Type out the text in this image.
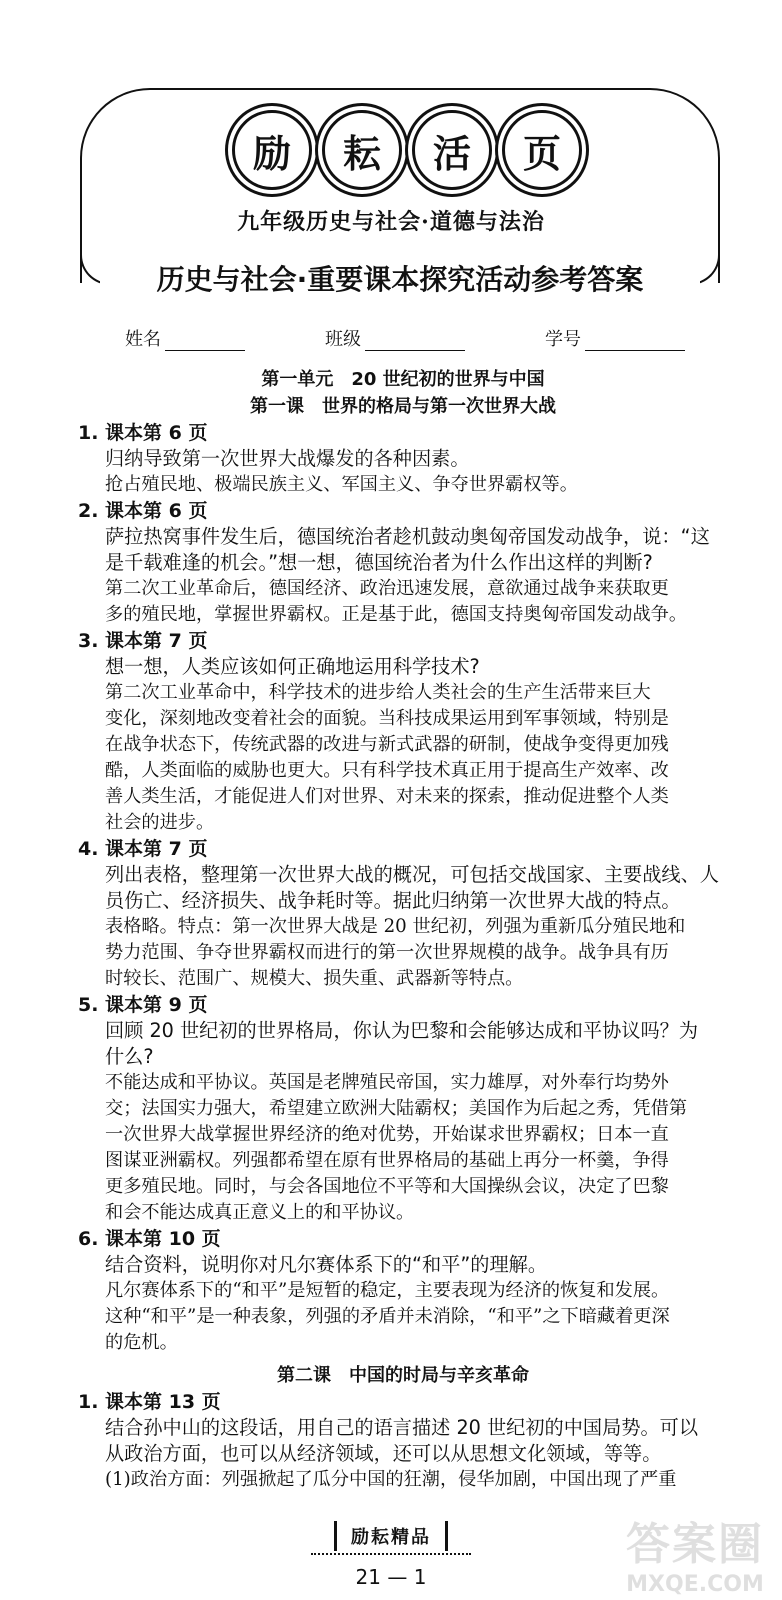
励	耘	活	页
九年级历史与社会·道德与法治
历史与社会·重要课本探究活动参考答案
姓名	班级	学号
第一单元　20 世纪初的世界与中国
第一课　世界的格局与第一次世界大战
1. 课本第 6 页
归纳导致第一次世界大战爆发的各种因素。
抢占殖民地、极端民族主义、军国主义、争夺世界霸权等。
2. 课本第 6 页
萨拉热窝事件发生后，德国统治者趁机鼓动奥匈帝国发动战争，说：“这
是千载难逢的机会。”想一想，德国统治者为什么作出这样的判断?
第二次工业革命后，德国经济、政治迅速发展，意欲通过战争来获取更
多的殖民地，掌握世界霸权。正是基于此，德国支持奥匈帝国发动战争。
3. 课本第 7 页
想一想，人类应该如何正确地运用科学技术?
第二次工业革命中，科学技术的进步给人类社会的生产生活带来巨大
变化，深刻地改变着社会的面貌。当科技成果运用到军事领域，特别是
在战争状态下，传统武器的改进与新式武器的研制，使战争变得更加残
酷，人类面临的威胁也更大。只有科学技术真正用于提高生产效率、改
善人类生活，才能促进人们对世界、对未来的探索，推动促进整个人类
社会的进步。
4. 课本第 7 页
列出表格，整理第一次世界大战的概况，可包括交战国家、主要战线、人
员伤亡、经济损失、战争耗时等。据此归纳第一次世界大战的特点。
表格略。特点：第一次世界大战是 20 世纪初，列强为重新瓜分殖民地和
势力范围、争夺世界霸权而进行的第一次世界规模的战争。战争具有历
时较长、范围广、规模大、损失重、武器新等特点。
5. 课本第 9 页
回顾 20 世纪初的世界格局，你认为巴黎和会能够达成和平协议吗？为
什么?
不能达成和平协议。英国是老牌殖民帝国，实力雄厚，对外奉行均势外
交；法国实力强大，希望建立欧洲大陆霸权；美国作为后起之秀，凭借第
一次世界大战掌握世界经济的绝对优势，开始谋求世界霸权；日本一直
图谋亚洲霸权。列强都希望在原有世界格局的基础上再分一杯羹，争得
更多殖民地。同时，与会各国地位不平等和大国操纵会议，决定了巴黎
和会不能达成真正意义上的和平协议。
6. 课本第 10 页
结合资料，说明你对凡尔赛体系下的“和平”的理解。
凡尔赛体系下的“和平”是短暂的稳定，主要表现为经济的恢复和发展。
这种“和平”是一种表象，列强的矛盾并未消除，“和平”之下暗藏着更深
的危机。
第二课　中国的时局与辛亥革命
1. 课本第 13 页
结合孙中山的这段话，用自己的语言描述 20 世纪初的中国局势。可以
从政治方面，也可以从经济领域，还可以从思想文化领域，等等。
(1)政治方面：列强掀起了瓜分中国的狂潮，侵华加剧，中国出现了严重
励耘精品
21 — 1
答案圈
MXQE.COM
